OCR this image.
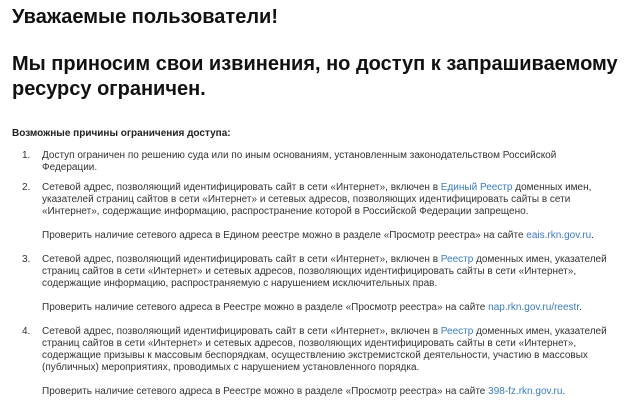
Уважаемые пользователи!
Мы приносим свои извинения, но доступ к запрашиваемому ресурсу ограничен.

Возможные причины ограничения доступа:

1. Доступ ограничен по решению суда или по иным основаниям, установленным законодательством Российской Федерации.

2. Сетевой адрес, позволяющий идентифицировать сайт в сети «Интернет», включен в Единый Реестр доменных имен, указателей страниц сайтов в сети «Интернет» и сетевых адресов, позволяющих идентифицировать сайты в сети «Интернет», содержащие информацию, распространение которой в Российской Федерации запрещено.

Проверить наличие сетевого адреса в Едином реестре можно в разделе «Просмотр реестра» на сайте eais.rkn.gov.ru.

3. Сетевой адрес, позволяющий идентифицировать сайт в сети «Интернет», включен в Реестр доменных имен, указателей страниц сайтов в сети «Интернет» и сетевых адресов, позволяющих идентифицировать сайты в сети «Интернет», содержащие информацию, распространяемую с нарушением исключительных прав.

Проверить наличие сетевого адреса в Реестре можно в разделе «Просмотр реестра» на сайте nap.rkn.gov.ru/reestr.

4. Сетевой адрес, позволяющий идентифицировать сайт в сети «Интернет», включен в Реестр доменных имен, указателей страниц сайтов в сети «Интернет» и сетевых адресов, позволяющих идентифицировать сайты в сети «Интернет», содержащие призывы к массовым беспорядкам, осуществлению экстремистской деятельности, участию в массовых (публичных) мероприятиях, проводимых с нарушением установленного порядка.

Проверить наличие сетевого адреса в Реестре можно в разделе «Просмотр реестра» на сайте 398-fz.rkn.gov.ru.
